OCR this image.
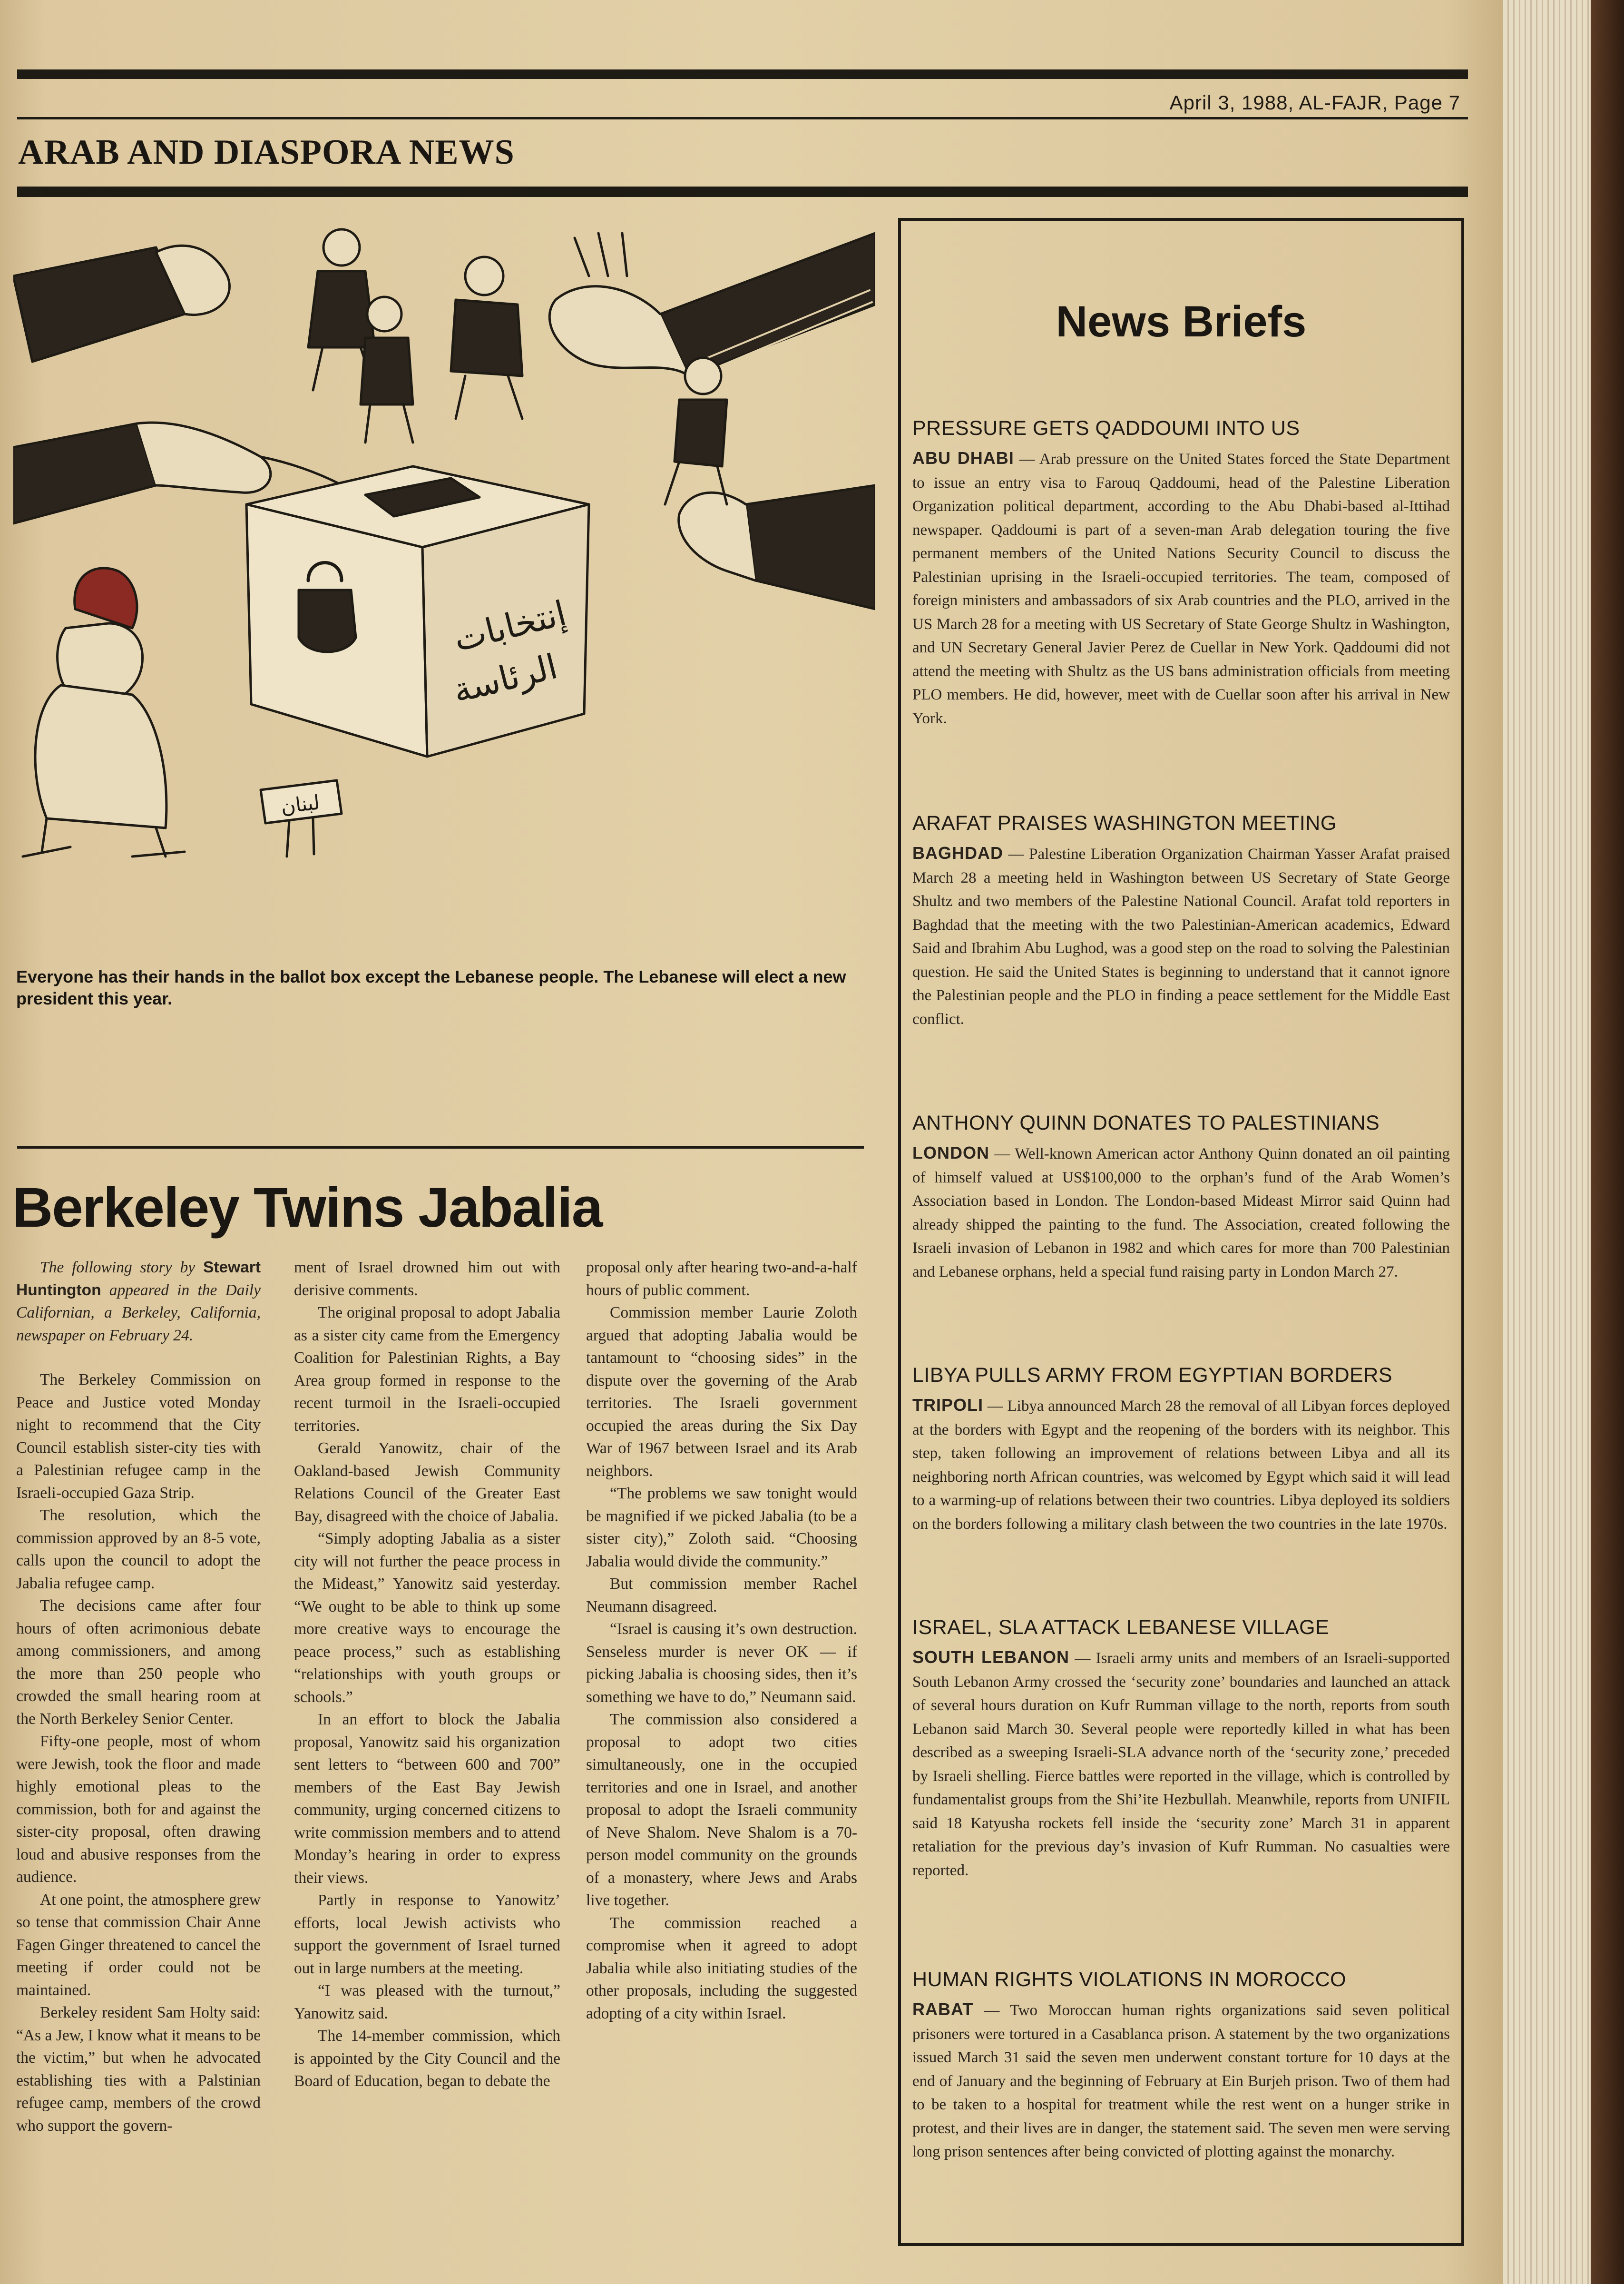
April 3, 1988, AL-FAJR, Page 7
ARAB AND DIASPORA NEWS
إنتخابات
الرئاسة
لبنان
Everyone has their hands in the ballot box except the Lebanese people. The Lebanese will elect a new president this year.
Berkeley Twins Jabalia

The following story by Stewart Huntington appeared in the Daily Californian, a Berkeley, California, newspaper on February 24.

The Berkeley Commission on Peace and Justice voted Monday night to recommend that the City Council establish sister-city ties with a Palestinian refugee camp in the Israeli-occupied Gaza Strip.

The resolution, which the commission approved by an 8-5 vote, calls upon the council to adopt the Jabalia refugee camp.

The decisions came after four hours of often acrimonious debate among commissioners, and among the more than 250 people who crowded the small hearing room at the North Berkeley Senior Center.

Fifty-one people, most of whom were Jewish, took the floor and made highly emotional pleas to the commission, both for and against the sister-city proposal, often drawing loud and abusive responses from the audience.

At one point, the atmosphere grew so tense that commission Chair Anne Fagen Ginger threatened to cancel the meeting if order could not be maintained.

Berkeley resident Sam Holty said: “As a Jew, I know what it means to be the victim,” but when he advocated establishing ties with a Palstinian refugee camp, members of the crowd who support the govern-

ment of Israel drowned him out with derisive comments.

The original proposal to adopt Jabalia as a sister city came from the Emergency Coalition for Palestinian Rights, a Bay Area group formed in response to the recent turmoil in the Israeli-occupied territories.

Gerald Yanowitz, chair of the Oakland-based Jewish Community Relations Council of the Greater East Bay, disagreed with the choice of Jabalia.

“Simply adopting Jabalia as a sister city will not further the peace process in the Mideast,” Yanowitz said yesterday. “We ought to be able to think up some more creative ways to encourage the peace process,” such as establishing “relationships with youth groups or schools.”

In an effort to block the Jabalia proposal, Yanowitz said his organization sent letters to “between 600 and 700” members of the East Bay Jewish community, urging concerned citizens to write commission members and to attend Monday’s hearing in order to express their views.

Partly in response to Yanowitz’ efforts, local Jewish activists who support the government of Israel turned out in large numbers at the meeting.

“I was pleased with the turnout,” Yanowitz said.

The 14-member commission, which is appointed by the City Council and the Board of Education, began to debate the

proposal only after hearing two-and-a-half hours of public comment.

Commission member Laurie Zoloth argued that adopting Jabalia would be tantamount to “choosing sides” in the dispute over the governing of the Arab territories. The Israeli government occupied the areas during the Six Day War of 1967 between Israel and its Arab neighbors.

“The problems we saw tonight would be magnified if we picked Jabalia (to be a sister city),” Zoloth said. “Choosing Jabalia would divide the community.”

But commission member Rachel Neumann disagreed.

“Israel is causing it’s own destruction. Senseless murder is never OK — if picking Jabalia is choosing sides, then it’s something we have to do,” Neumann said.

The commission also considered a proposal to adopt two cities simultaneously, one in the occupied territories and one in Israel, and another proposal to adopt the Israeli community of Neve Shalom. Neve Shalom is a 70-person model community on the grounds of a monastery, where Jews and Arabs live together.

The commission reached a compromise when it agreed to adopt Jabalia while also initiating studies of the other proposals, including the suggested adopting of a city within Israel.

News Briefs
PRESSURE GETS QADDOUMI INTO US

ABU DHABI — Arab pressure on the United States forced the State Department to issue an entry visa to Farouq Qaddoumi, head of the Palestine Liberation Organization political department, according to the Abu Dhabi-based al-Ittihad newspaper. Qaddoumi is part of a seven-man Arab delegation touring the five permanent members of the United Nations Security Council to discuss the Palestinian uprising in the Israeli-occupied territories. The team, composed of foreign ministers and ambassadors of six Arab countries and the PLO, arrived in the US March 28 for a meeting with US Secretary of State George Shultz in Washington, and UN Secretary General Javier Perez de Cuellar in New York. Qaddoumi did not attend the meeting with Shultz as the US bans administration officials from meeting PLO members. He did, however, meet with de Cuellar soon after his arrival in New York.

ARAFAT PRAISES WASHINGTON MEETING

BAGHDAD — Palestine Liberation Organization Chairman Yasser Arafat praised March 28 a meeting held in Washington between US Secretary of State George Shultz and two members of the Palestine National Council. Arafat told reporters in Baghdad that the meeting with the two Palestinian-American academics, Edward Said and Ibrahim Abu Lughod, was a good step on the road to solving the Palestinian question. He said the United States is beginning to understand that it cannot ignore the Palestinian people and the PLO in finding a peace settlement for the Middle East conflict.

ANTHONY QUINN DONATES TO PALESTINIANS

LONDON — Well-known American actor Anthony Quinn donated an oil painting of himself valued at US$100,000 to the orphan’s fund of the Arab Women’s Association based in London. The London-based Mideast Mirror said Quinn had already shipped the painting to the fund. The Association, created following the Israeli invasion of Lebanon in 1982 and which cares for more than 700 Palestinian and Lebanese orphans, held a special fund raising party in London March 27.

LIBYA PULLS ARMY FROM EGYPTIAN BORDERS

TRIPOLI — Libya announced March 28 the removal of all Libyan forces deployed at the borders with Egypt and the reopening of the borders with its neighbor. This step, taken following an improvement of relations between Libya and all its neighboring north African countries, was welcomed by Egypt which said it will lead to a warming-up of relations between their two countries. Libya deployed its soldiers on the borders following a military clash between the two countries in the late 1970s.

ISRAEL, SLA ATTACK LEBANESE VILLAGE

SOUTH LEBANON — Israeli army units and members of an Israeli-supported South Lebanon Army crossed the ‘security zone’ boundaries and launched an attack of several hours duration on Kufr Rumman village to the north, reports from south Lebanon said March 30. Several people were reportedly killed in what has been described as a sweeping Israeli-SLA advance north of the ‘security zone,’ preceded by Israeli shelling. Fierce battles were reported in the village, which is controlled by fundamentalist groups from the Shi’ite Hezbullah. Meanwhile, reports from UNIFIL said 18 Katyusha rockets fell inside the ‘security zone’ March 31 in apparent retaliation for the previous day’s invasion of Kufr Rumman. No casualties were reported.

HUMAN RIGHTS VIOLATIONS IN MOROCCO

RABAT — Two Moroccan human rights organizations said seven political prisoners were tortured in a Casablanca prison. A statement by the two organizations issued March 31 said the seven men underwent constant torture for 10 days at the end of January and the beginning of February at Ein Burjeh prison. Two of them had to be taken to a hospital for treatment while the rest went on a hunger strike in protest, and their lives are in danger, the statement said. The seven men were serving long prison sentences after being convicted of plotting against the monarchy.
